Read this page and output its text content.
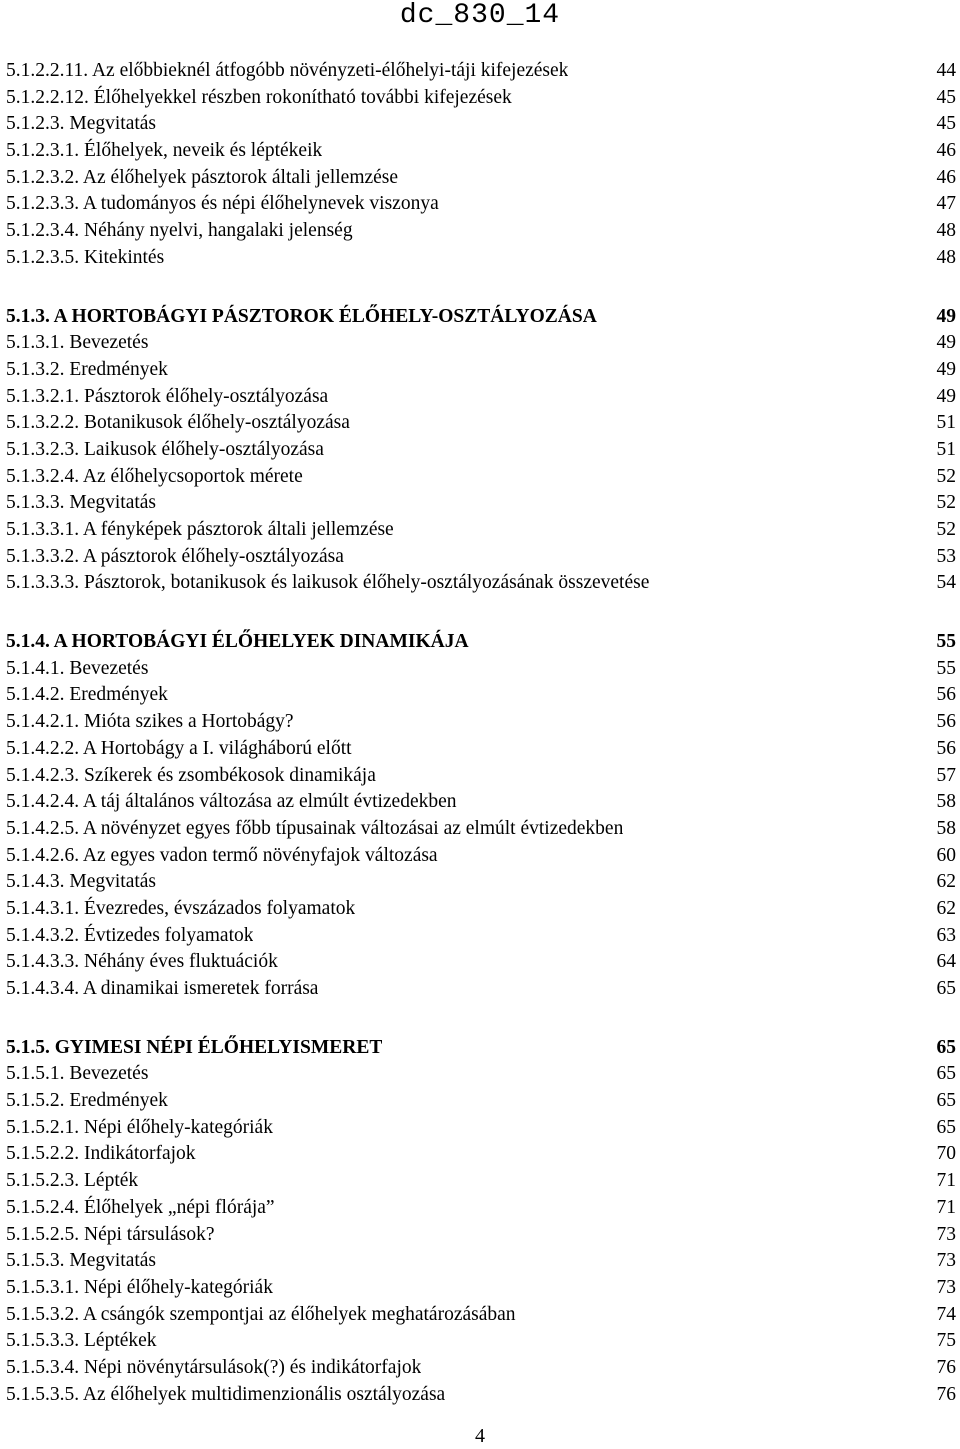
dc_830_14
5.1.2.2.11. Az előbbieknél átfogóbb növényzeti-élőhelyi-táji kifejezések	44
5.1.2.2.12. Élőhelyekkel részben rokonítható további kifejezések	45
5.1.2.3. Megvitatás	45
5.1.2.3.1. Élőhelyek, neveik és léptékeik	46
5.1.2.3.2. Az élőhelyek pásztorok általi jellemzése	46
5.1.2.3.3. A tudományos és népi élőhelynevek viszonya	47
5.1.2.3.4. Néhány nyelvi, hangalaki jelenség	48
5.1.2.3.5. Kitekintés	48
5.1.3. A HORTOBÁGYI PÁSZTOROK ÉLŐHELY-OSZTÁLYOZÁSA	49
5.1.3.1. Bevezetés	49
5.1.3.2. Eredmények	49
5.1.3.2.1. Pásztorok élőhely-osztályozása	49
5.1.3.2.2. Botanikusok élőhely-osztályozása	51
5.1.3.2.3. Laikusok élőhely-osztályozása	51
5.1.3.2.4. Az élőhelycsoportok mérete	52
5.1.3.3. Megvitatás	52
5.1.3.3.1. A fényképek pásztorok általi jellemzése	52
5.1.3.3.2. A pásztorok élőhely-osztályozása	53
5.1.3.3.3. Pásztorok, botanikusok és laikusok élőhely-osztályozásának összevetése	54
5.1.4. A HORTOBÁGYI ÉLŐHELYEK DINAMIKÁJA	55
5.1.4.1. Bevezetés	55
5.1.4.2. Eredmények	56
5.1.4.2.1. Mióta szikes a Hortobágy?	56
5.1.4.2.2. A Hortobágy a I. világháború előtt	56
5.1.4.2.3. Szíkerek és zsombékosok dinamikája	57
5.1.4.2.4. A táj általános változása az elmúlt évtizedekben	58
5.1.4.2.5. A növényzet egyes főbb típusainak változásai az elmúlt évtizedekben	58
5.1.4.2.6. Az egyes vadon termő növényfajok változása	60
5.1.4.3. Megvitatás	62
5.1.4.3.1. Évezredes, évszázados folyamatok	62
5.1.4.3.2. Évtizedes folyamatok	63
5.1.4.3.3. Néhány éves fluktuációk	64
5.1.4.3.4. A dinamikai ismeretek forrása	65
5.1.5. GYIMESI NÉPI ÉLŐHELYISMERET	65
5.1.5.1. Bevezetés	65
5.1.5.2. Eredmények	65
5.1.5.2.1. Népi élőhely-kategóriák	65
5.1.5.2.2. Indikátorfajok	70
5.1.5.2.3. Lépték	71
5.1.5.2.4. Élőhelyek „népi flórája”	71
5.1.5.2.5. Népi társulások?	73
5.1.5.3. Megvitatás	73
5.1.5.3.1. Népi élőhely-kategóriák	73
5.1.5.3.2. A csángók szempontjai az élőhelyek meghatározásában	74
5.1.5.3.3. Léptékek	75
5.1.5.3.4. Népi növénytársulások(?) és indikátorfajok	76
5.1.5.3.5. Az élőhelyek multidimenzionális osztályozása	76
4
